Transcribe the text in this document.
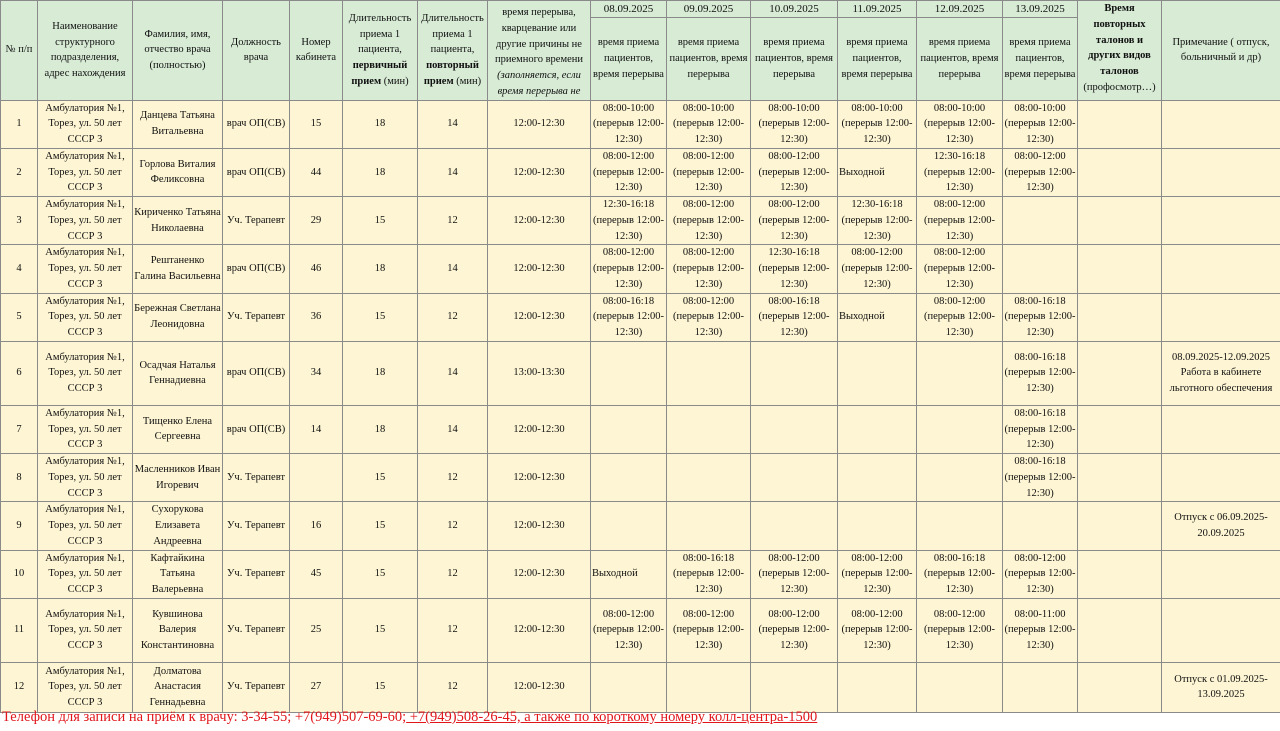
№ п/п	Наименование структурного подразделения, адрес нахождения	Фамилия, имя, отчество врача (полностью)	Должность врача	Номер кабинета	Длительность приема 1 пациента, первичный прием (мин)	Длительность приема 1 пациента, повторный прием (мин)	время перерыва, кварцевание или другие причины не приемного времени (заполняется, если время перерыва не	08.09.2025	09.09.2025	10.09.2025	11.09.2025	12.09.2025	13.09.2025	Время повторных талонов и других видов талонов (профосмотр…)	Примечание ( отпуск, больничный и др)
								время приема пациентов, время перерыва	время приема пациентов, время перерыва	время приема пациентов, время перерыва	время приема пациентов, время перерыва	время приема пациентов, время перерыва	время приема пациентов, время перерыва		
1	Амбулатория №1, Торез, ул. 50 лет СССР 3	Данцева Татьяна Витальевна	врач ОП(СВ)	15	18	14	12:00-12:30	08:00-10:00 (перерыв 12:00-12:30)	08:00-10:00 (перерыв 12:00-12:30)	08:00-10:00 (перерыв 12:00-12:30)	08:00-10:00 (перерыв 12:00-12:30)	08:00-10:00 (перерыв 12:00-12:30)	08:00-10:00 (перерыв 12:00-12:30)		
2	Амбулатория №1, Торез, ул. 50 лет СССР 3	Горлова Виталия Феликсовна	врач ОП(СВ)	44	18	14	12:00-12:30	08:00-12:00 (перерыв 12:00-12:30)	08:00-12:00 (перерыв 12:00-12:30)	08:00-12:00 (перерыв 12:00-12:30)	Выходной	12:30-16:18 (перерыв 12:00-12:30)	08:00-12:00 (перерыв 12:00-12:30)		
3	Амбулатория №1, Торез, ул. 50 лет СССР 3	Кириченко Татьяна Николаевна	Уч. Терапевт	29	15	12	12:00-12:30	12:30-16:18 (перерыв 12:00-12:30)	08:00-12:00 (перерыв 12:00-12:30)	08:00-12:00 (перерыв 12:00-12:30)	12:30-16:18 (перерыв 12:00-12:30)	08:00-12:00 (перерыв 12:00-12:30)			
4	Амбулатория №1, Торез, ул. 50 лет СССР 3	Рештаненко Галина Васильевна	врач ОП(СВ)	46	18	14	12:00-12:30	08:00-12:00 (перерыв 12:00-12:30)	08:00-12:00 (перерыв 12:00-12:30)	12:30-16:18 (перерыв 12:00-12:30)	08:00-12:00 (перерыв 12:00-12:30)	08:00-12:00 (перерыв 12:00-12:30)			
5	Амбулатория №1, Торез, ул. 50 лет СССР 3	Бережная Светлана Леонидовна	Уч. Терапевт	36	15	12	12:00-12:30	08:00-16:18 (перерыв 12:00-12:30)	08:00-12:00 (перерыв 12:00-12:30)	08:00-16:18 (перерыв 12:00-12:30)	Выходной	08:00-12:00 (перерыв 12:00-12:30)	08:00-16:18 (перерыв 12:00-12:30)		
6	Амбулатория №1, Торез, ул. 50 лет СССР 3	Осадчая Наталья Геннадиевна	врач ОП(СВ)	34	18	14	13:00-13:30						08:00-16:18 (перерыв 12:00-12:30)		08.09.2025-12.09.2025 Работа в кабинете льготного обеспечения
7	Амбулатория №1, Торез, ул. 50 лет СССР 3	Тищенко Елена Сергеевна	врач ОП(СВ)	14	18	14	12:00-12:30						08:00-16:18 (перерыв 12:00-12:30)		
8	Амбулатория №1, Торез, ул. 50 лет СССР 3	Масленников Иван Игоревич	Уч. Терапевт		15	12	12:00-12:30						08:00-16:18 (перерыв 12:00-12:30)		
9	Амбулатория №1, Торез, ул. 50 лет СССР 3	Сухорукова Елизавета Андреевна	Уч. Терапевт	16	15	12	12:00-12:30								Отпуск с 06.09.2025-20.09.2025
10	Амбулатория №1, Торез, ул. 50 лет СССР 3	Кафтайкина Татьяна Валерьевна	Уч. Терапевт	45	15	12	12:00-12:30	Выходной	08:00-16:18 (перерыв 12:00-12:30)	08:00-12:00 (перерыв 12:00-12:30)	08:00-12:00 (перерыв 12:00-12:30)	08:00-16:18 (перерыв 12:00-12:30)	08:00-12:00 (перерыв 12:00-12:30)		
11	Амбулатория №1, Торез, ул. 50 лет СССР 3	Кувшинова Валерия Константиновна	Уч. Терапевт	25	15	12	12:00-12:30	08:00-12:00 (перерыв 12:00-12:30)	08:00-12:00 (перерыв 12:00-12:30)	08:00-12:00 (перерыв 12:00-12:30)	08:00-12:00 (перерыв 12:00-12:30)	08:00-12:00 (перерыв 12:00-12:30)	08:00-11:00 (перерыв 12:00-12:30)		
12	Амбулатория №1, Торез, ул. 50 лет СССР 3	Долматова Анастасия Геннадьевна	Уч. Терапевт	27	15	12	12:00-12:30								Отпуск с 01.09.2025-13.09.2025
Телефон для записи на приём к врачу: 3-34-55; +7(949)507-69-60; +7(949)508-26-45, а также по короткому номеру колл-центра-1500
